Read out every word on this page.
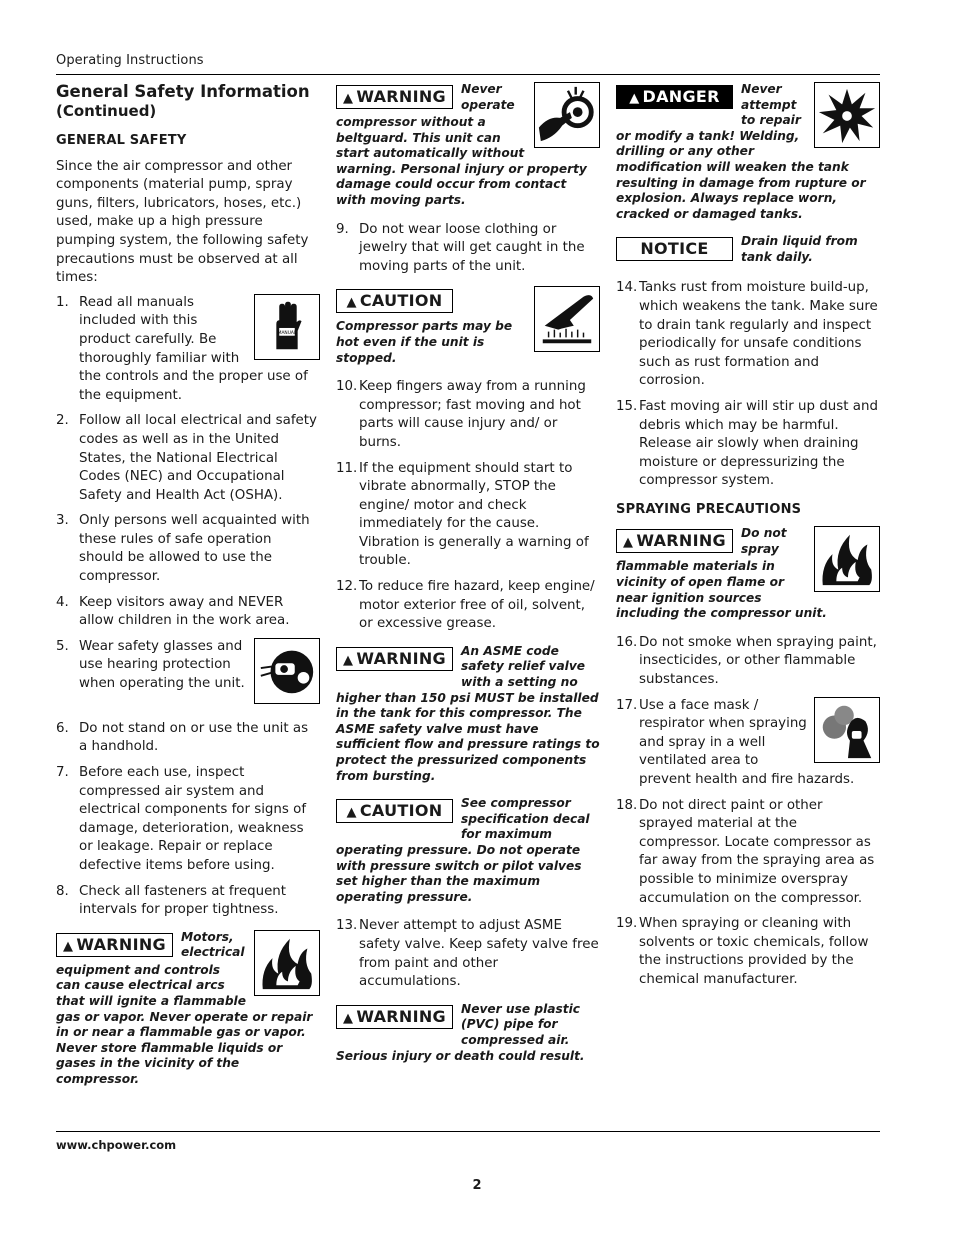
Operating Instructions
General Safety Information
(Continued)
GENERAL SAFETY
Since the air compressor and other components (material pump, spray guns, filters, lubricators, hoses, etc.) used, make up a high pressure pumping system, the following safety precautions must be observed at all times:
1.
MANUAL
Read all manuals included with this product carefully. Be thoroughly familiar with the controls and the proper use of the equipment.
2. Follow all local electrical and safety codes as well as in the United States, the National Electrical Codes (NEC) and Occupational Safety and Health Act (OSHA).
3. Only persons well acquainted with these rules of safe operation should be allowed to use the compressor.
4. Keep visitors away and NEVER allow children in the work area.
5. Wear safety glasses and use hearing protection when operating the unit.
6. Do not stand on or use the unit as a handhold.
7. Before each use, inspect compressed air system and electrical components for signs of damage, deterioration, weakness or leakage. Repair or replace defective items before using.
8. Check all fasteners at frequent intervals for proper tightness.
▲ WARNING	Motors, electrical equipment and controls can cause electrical arcs that will ignite a flammable gas or vapor. Never operate or repair in or near a flammable gas or vapor. Never store flammable liquids or gases in the vicinity of the compressor.
▲ WARNING	Never operate compressor without a beltguard. This unit can start automatically without warning. Personal injury or property damage could occur from contact with moving parts.
9. Do not wear loose clothing or jewelry that will get caught in the moving parts of the unit.
▲ CAUTION
Compressor parts may be hot even if the unit is stopped.
10. Keep fingers away from a running compressor; fast moving and hot parts will cause injury and/ or burns.
11. If the equipment should start to vibrate abnormally, STOP the engine/ motor and check immediately for the cause. Vibration is generally a warning of trouble.
12. To reduce fire hazard, keep engine/ motor exterior free of oil, solvent, or excessive grease.
▲ WARNING	An ASME code safety relief valve with a setting no higher than 150 psi MUST be installed in the tank for this compressor. The ASME safety valve must have sufficient flow and pressure ratings to protect the pressurized components from bursting.
▲ CAUTION	See compressor specification decal for maximum operating pressure. Do not operate with pressure switch or pilot valves set higher than the maximum operating pressure.
13. Never attempt to adjust ASME safety valve. Keep safety valve free from paint and other accumulations.
▲ WARNING	Never use plastic (PVC) pipe for compressed air. Serious injury or death could result.
▲ DANGER	Never attempt to repair or modify a tank! Welding, drilling or any other modification will weaken the tank resulting in damage from rupture or explosion. Always replace worn, cracked or damaged tanks.
NOTICE	Drain liquid from tank daily.
14. Tanks rust from moisture build-up, which weakens the tank. Make sure to drain tank regularly and inspect periodically for unsafe conditions such as rust formation and corrosion.
15. Fast moving air will stir up dust and debris which may be harmful. Release air slowly when draining moisture or depressurizing the compressor system.
SPRAYING PRECAUTIONS
▲ WARNING	Do not spray flammable materials in vicinity of open flame or near ignition sources including the compressor unit.
16. Do not smoke when spraying paint, insecticides, or other flammable substances.
17. Use a face mask / respirator when spraying and spray in a well ventilated area to prevent health and fire hazards.
18. Do not direct paint or other sprayed material at the compressor. Locate compressor as far away from the spraying area as possible to minimize overspray accumulation on the compressor.
19. When spraying or cleaning with solvents or toxic chemicals, follow the instructions provided by the chemical manufacturer.
www.chpower.com
2
